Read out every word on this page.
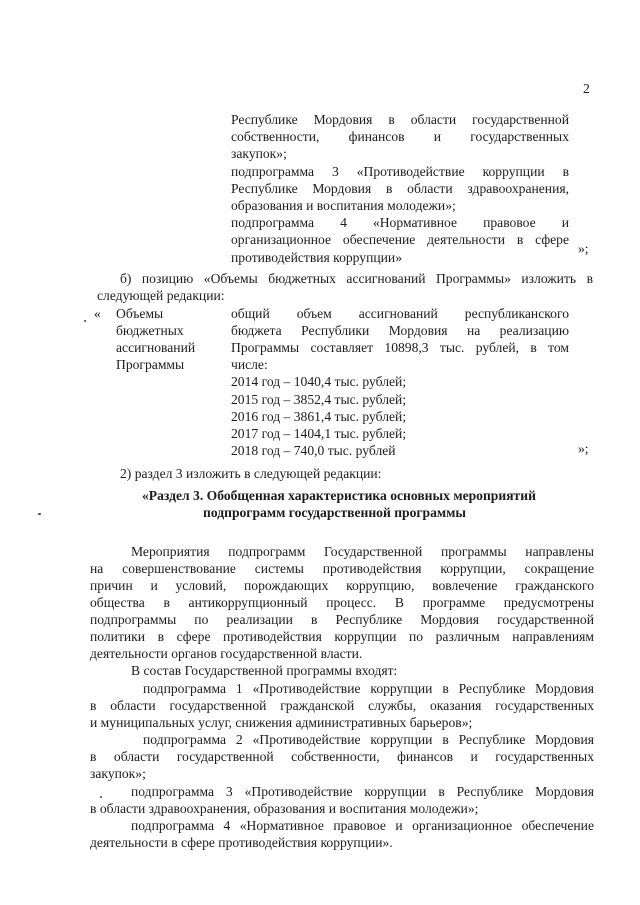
2
Республике Мордовия в области государственной
собственности, финансов и государственных
закупок»;
подпрограмма 3 «Противодействие коррупции в
Республике Мордовия в области здравоохранения,
образования и воспитания молодежи»;
подпрограмма 4 «Нормативное правовое и
организационное обеспечение деятельности в сфере
противодействия коррупции»
»;
б) позицию «Объемы бюджетных ассигнований Программы» изложить в
следующей редакции:
« Объемы
бюджетных
ассигнований
Программы
общий объем ассигнований республиканского
бюджета Республики Мордовия на реализацию
Программы составляет 10898,3 тыс. рублей, в том
числе:
2014 год – 1040,4 тыс. рублей;
2015 год – 3852,4 тыс. рублей;
2016 год – 3861,4 тыс. рублей;
2017 год – 1404,1 тыс. рублей;
2018 год – 740,0 тыс. рублей	»;
2) раздел 3 изложить в следующей редакции:
«Раздел 3. Обобщенная характеристика основных мероприятий
подпрограмм государственной программы
Мероприятия подпрограмм Государственной программы направлены
на совершенствование системы противодействия коррупции, сокращение
причин и условий, порождающих коррупцию, вовлечение гражданского
общества в антикоррупционный процесс. В программе предусмотрены
подпрограммы по реализации в Республике Мордовия государственной
политики в сфере противодействия коррупции по различным направлениям
деятельности органов государственной власти.
В состав Государственной программы входят:
подпрограмма 1 «Противодействие коррупции в Республике Мордовия
в области государственной гражданской службы, оказания государственных
и муниципальных услуг, снижения административных барьеров»;
подпрограмма 2 «Противодействие коррупции в Республике Мордовия
в области государственной собственности, финансов и государственных
закупок»;
подпрограмма 3 «Противодействие коррупции в Республике Мордовия
в области здравоохранения, образования и воспитания молодежи»;
подпрограмма 4 «Нормативное правовое и организационное обеспечение
деятельности в сфере противодействия коррупции».
